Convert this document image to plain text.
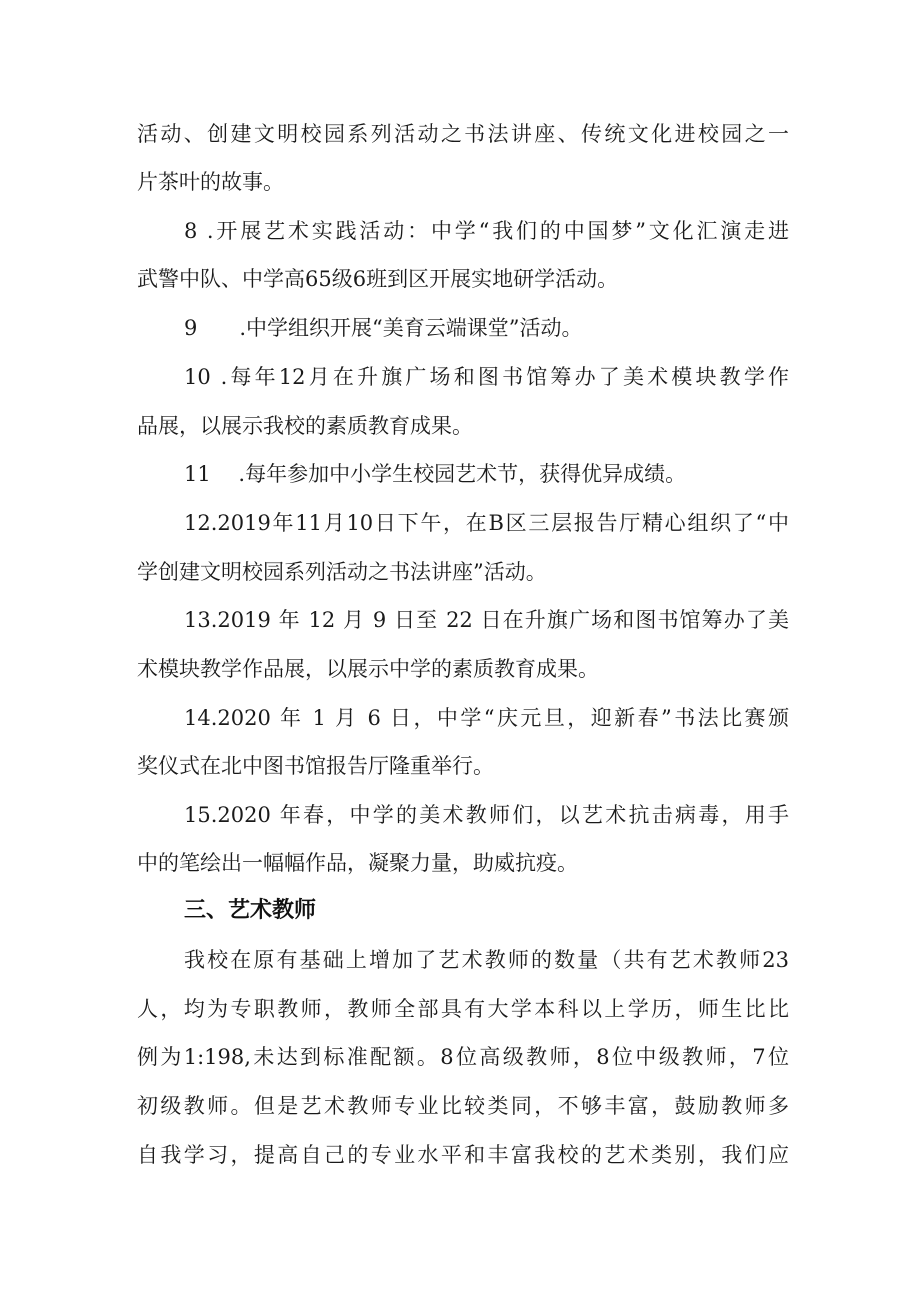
活动、创建文明校园系列活动之书法讲座、传统文化进校园之一
片茶叶的故事。
8 .开展艺术实践活动：中学“我们的中国梦”文化汇演走进
武警中队、中学高65级6班到区开展实地研学活动。
9　　.中学组织开展“美育云端课堂”活动。
10 .每年12月在升旗广场和图书馆筹办了美术模块教学作
品展，以展示我校的素质教育成果。
11　 .每年参加中小学生校园艺术节，获得优异成绩。
12.2019年11月10日下午，在B区三层报告厅精心组织了“中
学创建文明校园系列活动之书法讲座”活动。
13.2019 年 12 月 9 日至 22 日在升旗广场和图书馆筹办了美
术模块教学作品展，以展示中学的素质教育成果。
14.2020 年 1 月 6 日，中学“庆元旦，迎新春”书法比赛颁
奖仪式在北中图书馆报告厅隆重举行。
15.2020 年春，中学的美术教师们，以艺术抗击病毒，用手
中的笔绘出一幅幅作品，凝聚力量，助威抗疫。
三、艺术教师
我校在原有基础上增加了艺术教师的数量（共有艺术教师23
人，均为专职教师，教师全部具有大学本科以上学历，师生比比
例为1:198,未达到标准配额。8位高级教师，8位中级教师，7位
初级教师。但是艺术教师专业比较类同，不够丰富，鼓励教师多
自我学习，提高自己的专业水平和丰富我校的艺术类别，我们应
